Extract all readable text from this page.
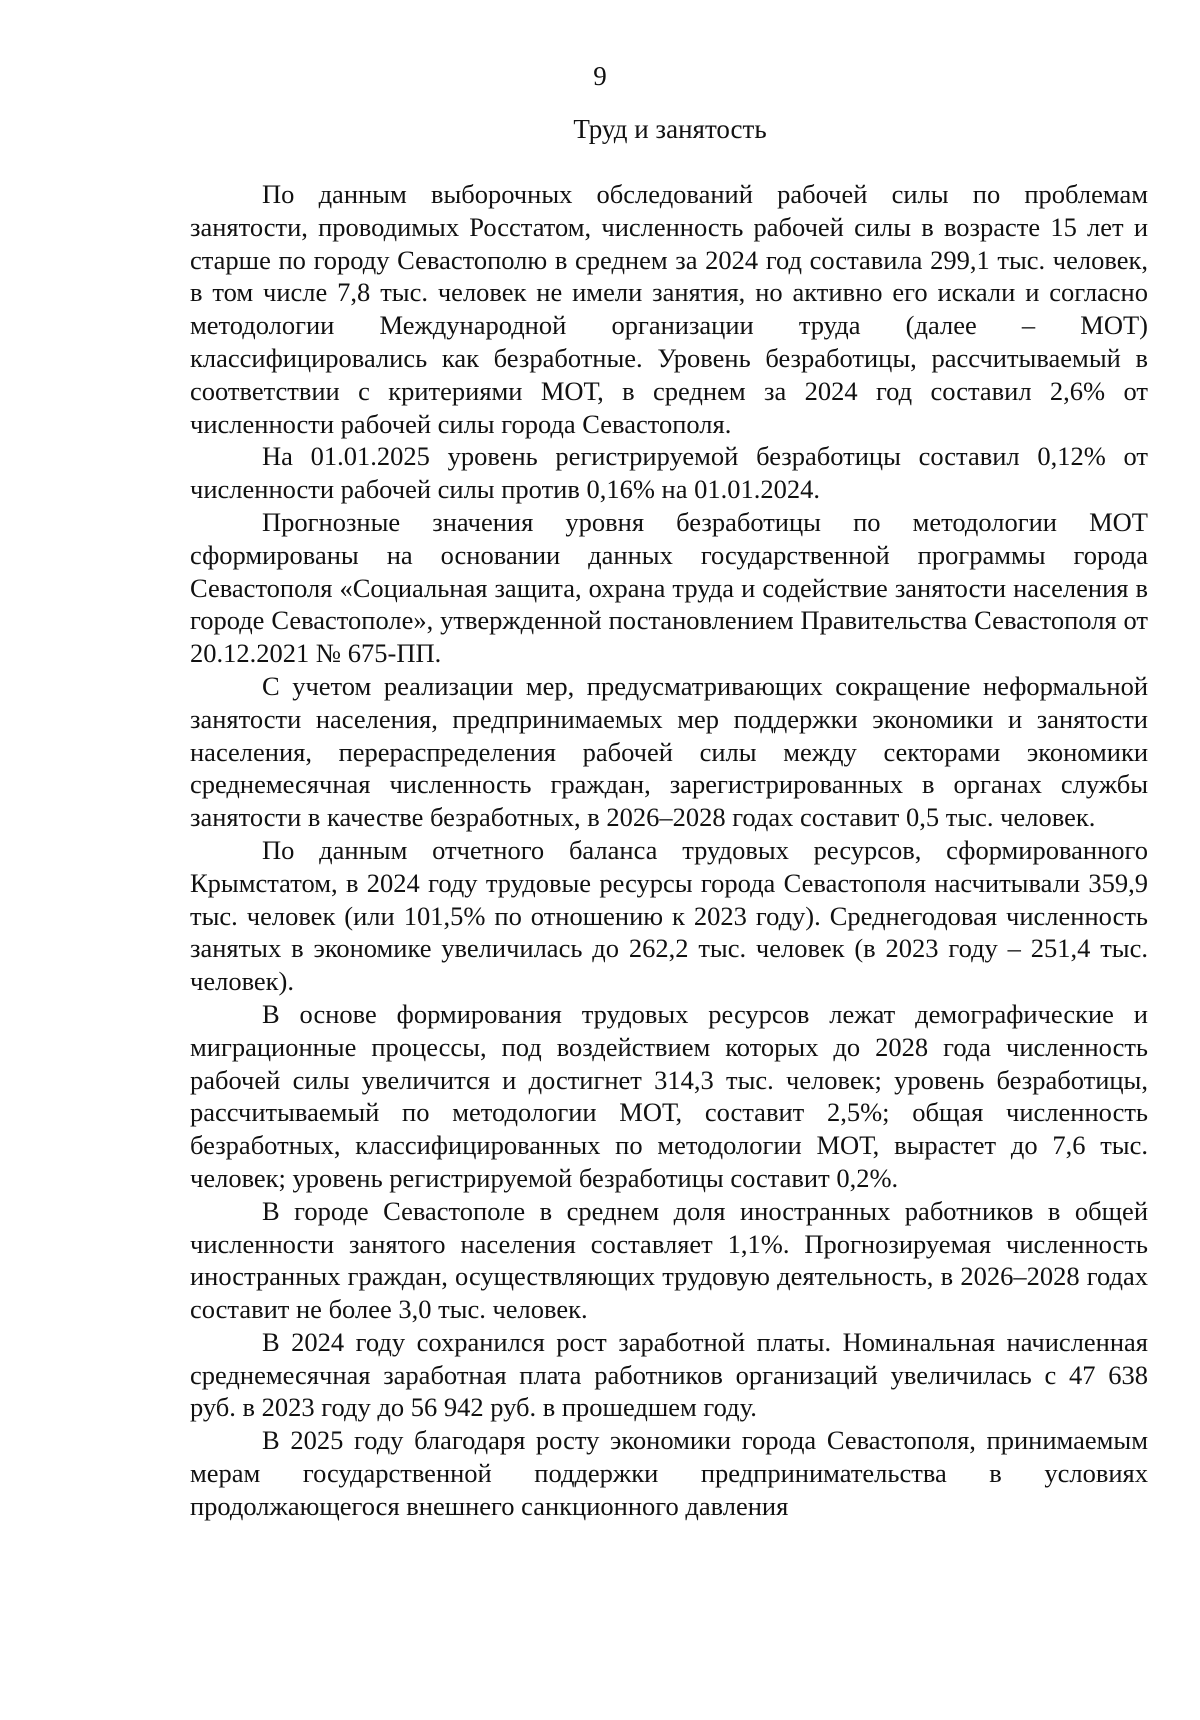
9
Труд и занятость

По данным выборочных обследований рабочей силы по проблемам занятости, проводимых Росстатом, численность рабочей силы в возрасте 15 лет и старше по городу Севастополю в среднем за 2024 год составила 299,1 тыс. человек, в том числе 7,8 тыс. человек не имели занятия, но активно его искали и согласно методологии Международной организации труда (далее – МОТ) классифицировались как безработные. Уровень безработицы, рассчитываемый в соответствии с критериями МОТ, в среднем за 2024 год составил 2,6% от численности рабочей силы города Севастополя.

На 01.01.2025 уровень регистрируемой безработицы составил 0,12% от численности рабочей силы против 0,16% на 01.01.2024.

Прогнозные значения уровня безработицы по методологии МОТ сформированы на основании данных государственной программы города Севастополя «Социальная защита, охрана труда и содействие занятости населения в городе Севастополе», утвержденной постановлением Правительства Севастополя от 20.12.2021 № 675-ПП.

С учетом реализации мер, предусматривающих сокращение неформальной занятости населения, предпринимаемых мер поддержки экономики и занятости населения, перераспределения рабочей силы между секторами экономики среднемесячная численность граждан, зарегистрированных в органах службы занятости в качестве безработных, в 2026–2028 годах составит 0,5 тыс. человек.

По данным отчетного баланса трудовых ресурсов, сформированного Крымстатом, в 2024 году трудовые ресурсы города Севастополя насчитывали 359,9 тыс. человек (или 101,5% по отношению к 2023 году). Среднегодовая численность занятых в экономике увеличилась до 262,2 тыс. человек (в 2023 году – 251,4 тыс. человек).

В основе формирования трудовых ресурсов лежат демографические и миграционные процессы, под воздействием которых до 2028 года численность рабочей силы увеличится и достигнет 314,3 тыс. человек; уровень безработицы, рассчитываемый по методологии МОТ, составит 2,5%; общая численность безработных, классифицированных по методологии МОТ, вырастет до 7,6 тыс. человек; уровень регистрируемой безработицы составит 0,2%.

В городе Севастополе в среднем доля иностранных работников в общей численности занятого населения составляет 1,1%. Прогнозируемая численность иностранных граждан, осуществляющих трудовую деятельность, в 2026–2028 годах составит не более 3,0 тыс. человек.

В 2024 году сохранился рост заработной платы. Номинальная начисленная среднемесячная заработная плата работников организаций увеличилась с 47 638 руб. в 2023 году до 56 942 руб. в прошедшем году.

В 2025 году благодаря росту экономики города Севастополя, принимаемым мерам государственной поддержки предпринимательства в условиях продолжающегося внешнего санкционного давления
